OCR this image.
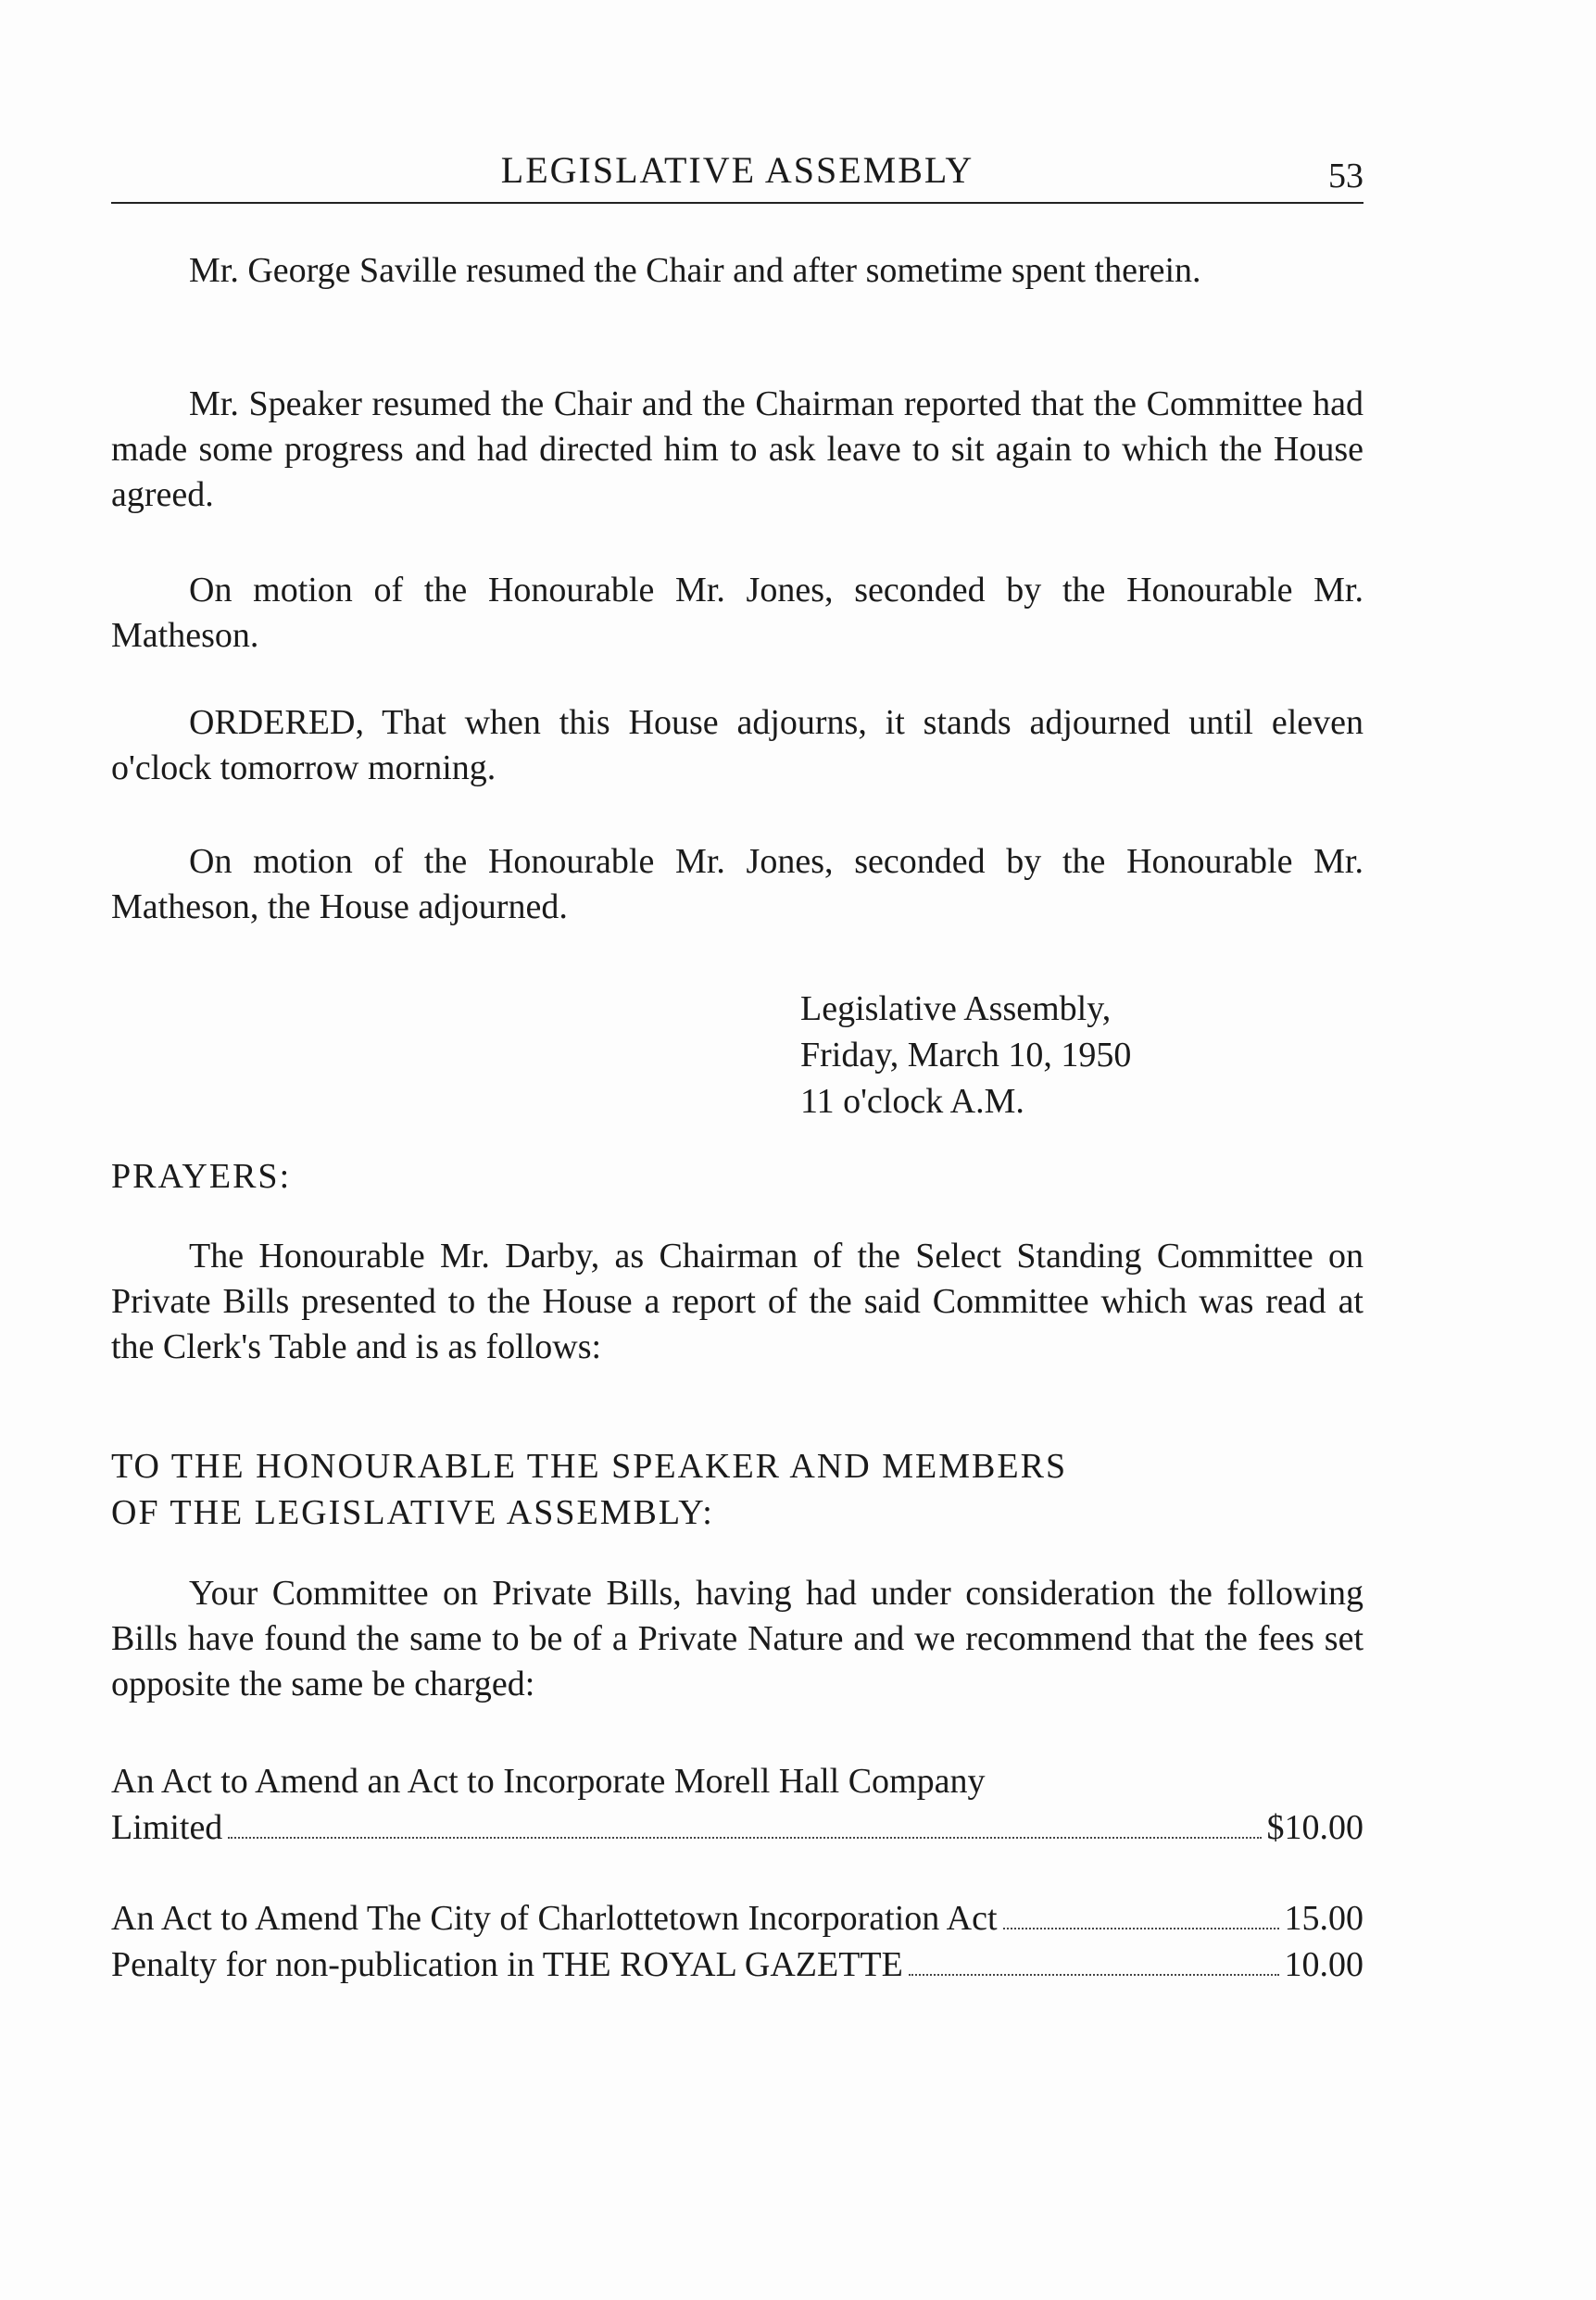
LEGISLATIVE ASSEMBLY	53

Mr. George Saville resumed the Chair and after sometime spent therein.

Mr. Speaker resumed the Chair and the Chairman reported that the Committee had made some progress and had directed him to ask leave to sit again to which the House agreed.

On motion of the Honourable Mr. Jones, seconded by the Honourable Mr. Matheson.

ORDERED, That when this House adjourns, it stands adjourned until eleven o'clock tomorrow morning.

On motion of the Honourable Mr. Jones, seconded by the Honourable Mr. Matheson, the House adjourned.

Legislative Assembly,
Friday, March 10, 1950
11 o'clock A.M.
PRAYERS:

The Honourable Mr. Darby, as Chairman of the Select Standing Committee on Private Bills presented to the House a report of the said Committee which was read at the Clerk's Table and is as follows:

TO THE HONOURABLE THE SPEAKER AND MEMBERS
OF THE LEGISLATIVE ASSEMBLY:

Your Committee on Private Bills, having had under consideration the following Bills have found the same to be of a Private Nature and we recommend that the fees set opposite the same be charged:

An Act to Amend an Act to Incorporate Morell Hall Company
Limited	$10.00
An Act to Amend The City of Charlottetown Incorporation Act	15.00
Penalty for non-publication in THE ROYAL GAZETTE	10.00
